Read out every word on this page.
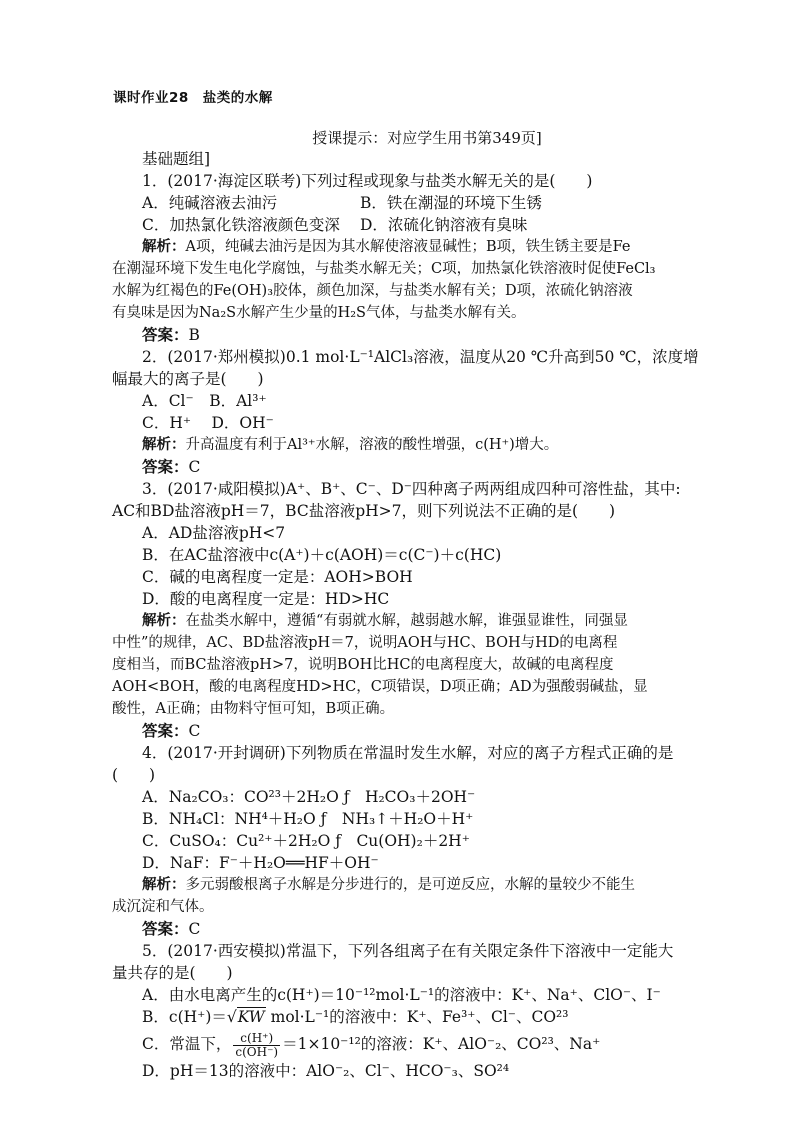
课时作业28　盐类的水解
授课提示：对应学生用书第349页]
基础题组]
1．(2017·海淀区联考)下列过程或现象与盐类水解无关的是(　　)
A．纯碱溶液去油污	B．铁在潮湿的环境下生锈
C．加热氯化铁溶液颜色变深	D．浓硫化钠溶液有臭味
解析：A项，纯碱去油污是因为其水解使溶液显碱性；B项，铁生锈主要是Fe
在潮湿环境下发生电化学腐蚀，与盐类水解无关；C项，加热氯化铁溶液时促使FeCl₃
水解为红褐色的Fe(OH)₃胶体，颜色加深，与盐类水解有关；D项，浓硫化钠溶液
有臭味是因为Na₂S水解产生少量的H₂S气体，与盐类水解有关。
答案：B
2．(2017·郑州模拟)0.1 mol·L⁻¹AlCl₃溶液，温度从20 ℃升高到50 ℃，浓度增
幅最大的离子是(　　)
A．Cl⁻　B．Al³⁺
C．H⁺　 D．OH⁻
解析：升高温度有利于Al³⁺水解，溶液的酸性增强，c(H⁺)增大。
答案：C
3．(2017·咸阳模拟)A⁺、B⁺、C⁻、D⁻四种离子两两组成四种可溶性盐，其中:
AC和BD盐溶液pH＝7，BC盐溶液pH>7，则下列说法不正确的是(　　)
A．AD盐溶液pH<7
B．在AC盐溶液中c(A⁺)＋c(AOH)＝c(C⁻)＋c(HC)
C．碱的电离程度一定是：AOH>BOH
D．酸的电离程度一定是：HD>HC
解析：在盐类水解中，遵循“有弱就水解，越弱越水解，谁强显谁性，同强显
中性”的规律，AC、BD盐溶液pH＝7，说明AOH与HC、BOH与HD的电离程
度相当，而BC盐溶液pH>7，说明BOH比HC的电离程度大，故碱的电离程度
AOH<BOH，酸的电离程度HD>HC，C项错误，D项正确；AD为强酸弱碱盐，显
酸性，A正确；由物料守恒可知，B项正确。
答案：C
4．(2017·开封调研)下列物质在常温时发生水解，对应的离子方程式正确的是
(　　)
A．Na₂CO₃：CO²³＋2H₂O ƒ　H₂CO₃＋2OH⁻
B．NH₄Cl：NH⁴＋H₂O ƒ　NH₃↑＋H₂O＋H⁺
C．CuSO₄：Cu²⁺＋2H₂O ƒ　Cu(OH)₂＋2H⁺
D．NaF：F⁻＋H₂O══HF＋OH⁻
解析：多元弱酸根离子水解是分步进行的，是可逆反应，水解的量较少不能生
成沉淀和气体。
答案：C
5．(2017·西安模拟)常温下，下列各组离子在有关限定条件下溶液中一定能大
量共存的是(　　)
A．由水电离产生的c(H⁺)＝10⁻¹²mol·L⁻¹的溶液中：K⁺、Na⁺、ClO⁻、I⁻
B．c(H⁺)＝√KW mol·L⁻¹的溶液中：K⁺、Fe³⁺、Cl⁻、CO²³
C．常温下， $\frac{c(H^+)}{c(OH^-)} =1\times 10^{-12}$的溶液：K⁺、AlO⁻₂、CO²³、Na⁺
D．pH＝13的溶液中：AlO⁻₂、Cl⁻、HCO⁻₃、SO²⁴
